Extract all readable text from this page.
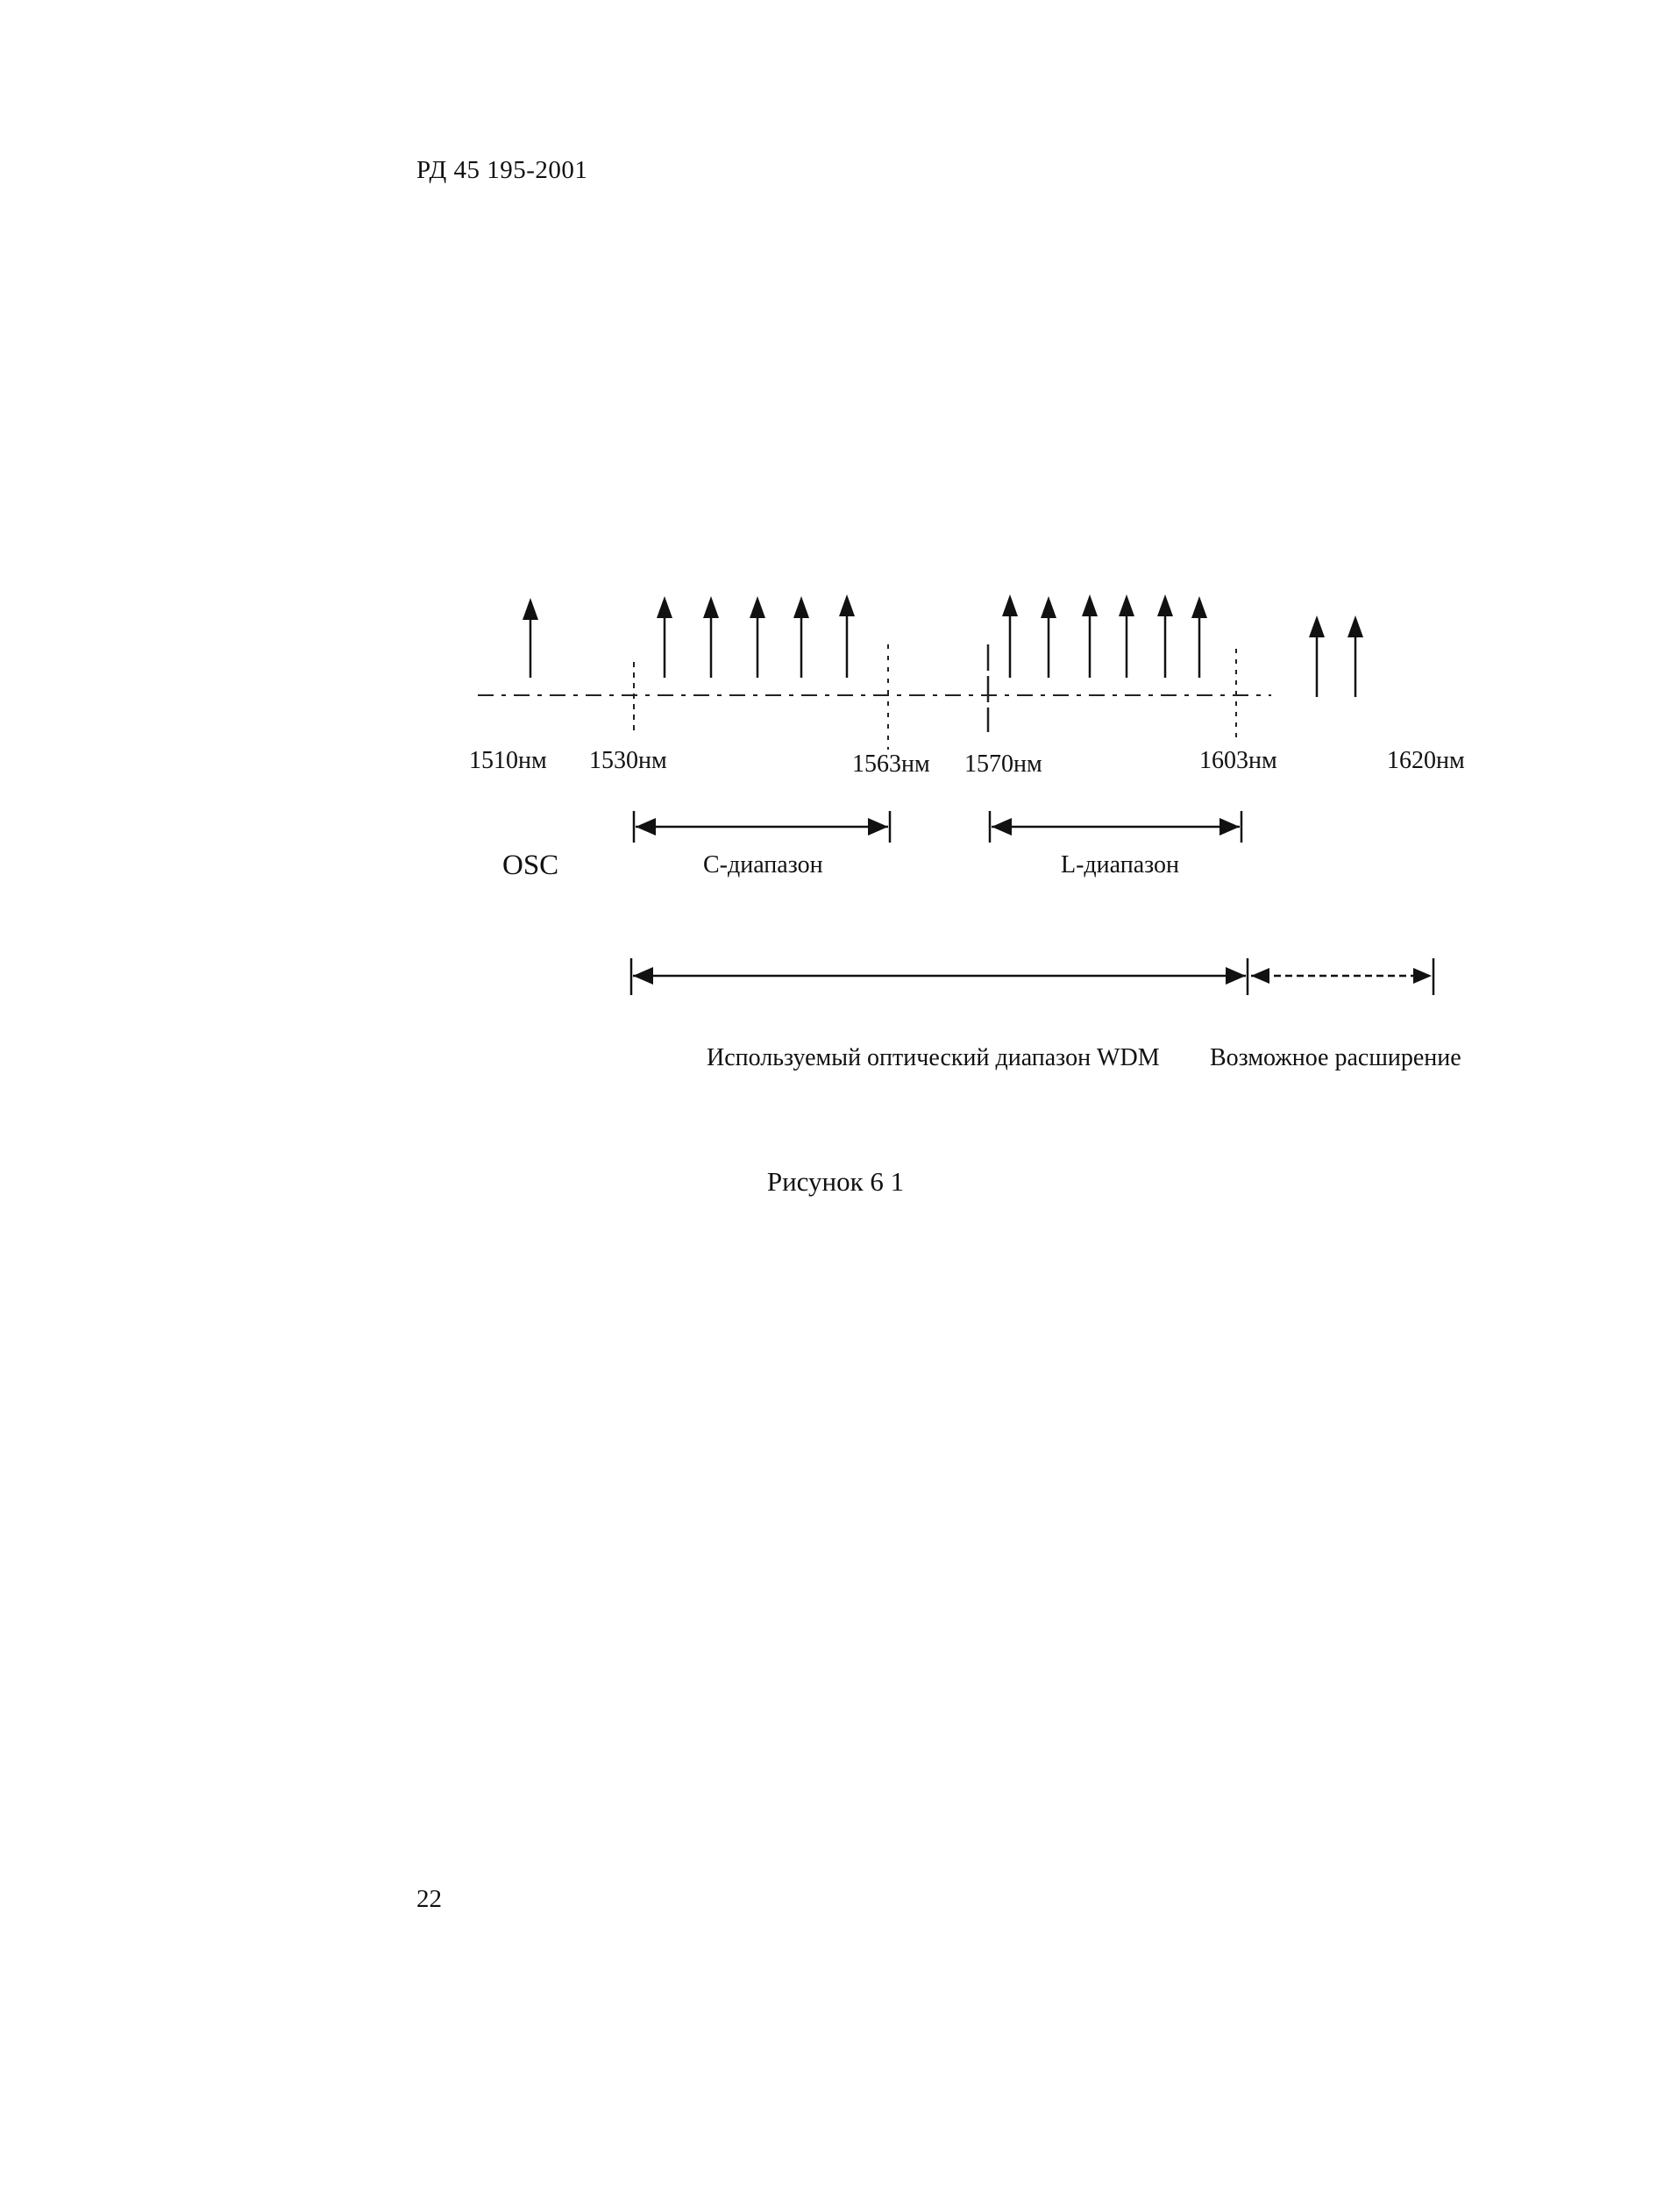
РД 45 195-2001
1510нм 1530нм	1563нм 1570нм	1603нм	1620нм
OSC	С-диапазон	L-диапазон
Используемый оптический диапазон WDM Возможное расширение
Рисунок 6 1
22
